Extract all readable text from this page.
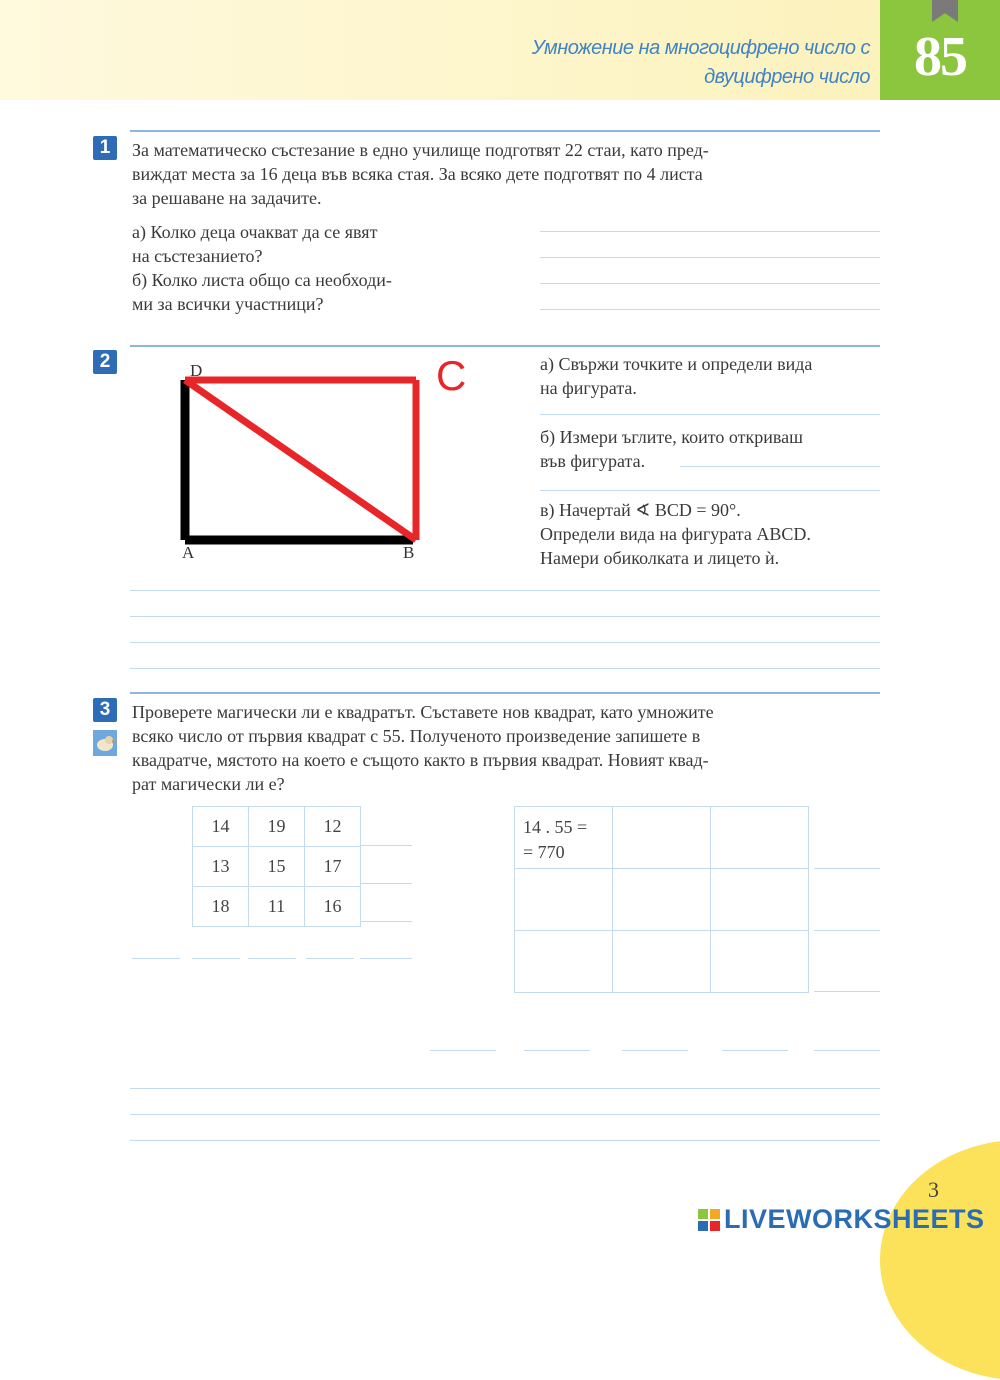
Умножение на многоцифрено число с
двуцифрено число 85
1	За математическо състезание в едно училище подготвят 22 стаи, като пред-
виждат места за 16 деца във всяка стая. За всяко дете подготвят по 4 листа
за решаване на задачите.
а) Колко деца очакват да се явят
на състезанието?
б) Колко листа общо са необходи-
ми за всички участници?
2	D	C
A	B
а) Свържи точките и определи вида
на фигурата.
б) Измери ъглите, които откриваш
във фигурата.
в) Начертай ∢ BCD = 90°.
Определи вида на фигурата ABCD.
Намери обиколката и лицето ѝ.
3	Проверете магически ли е квадратът. Съставете нов квадрат, като умножите
всяко число от първия квадрат с 55. Полученото произведение запишете в
квадратче, мястото на което е същото както в първия квадрат. Новият квад-
рат магически ли е?
14	19	12
13	15	17
18	11	16
14 . 55 =
= 770		

3
LIVEWORKSHEETS
